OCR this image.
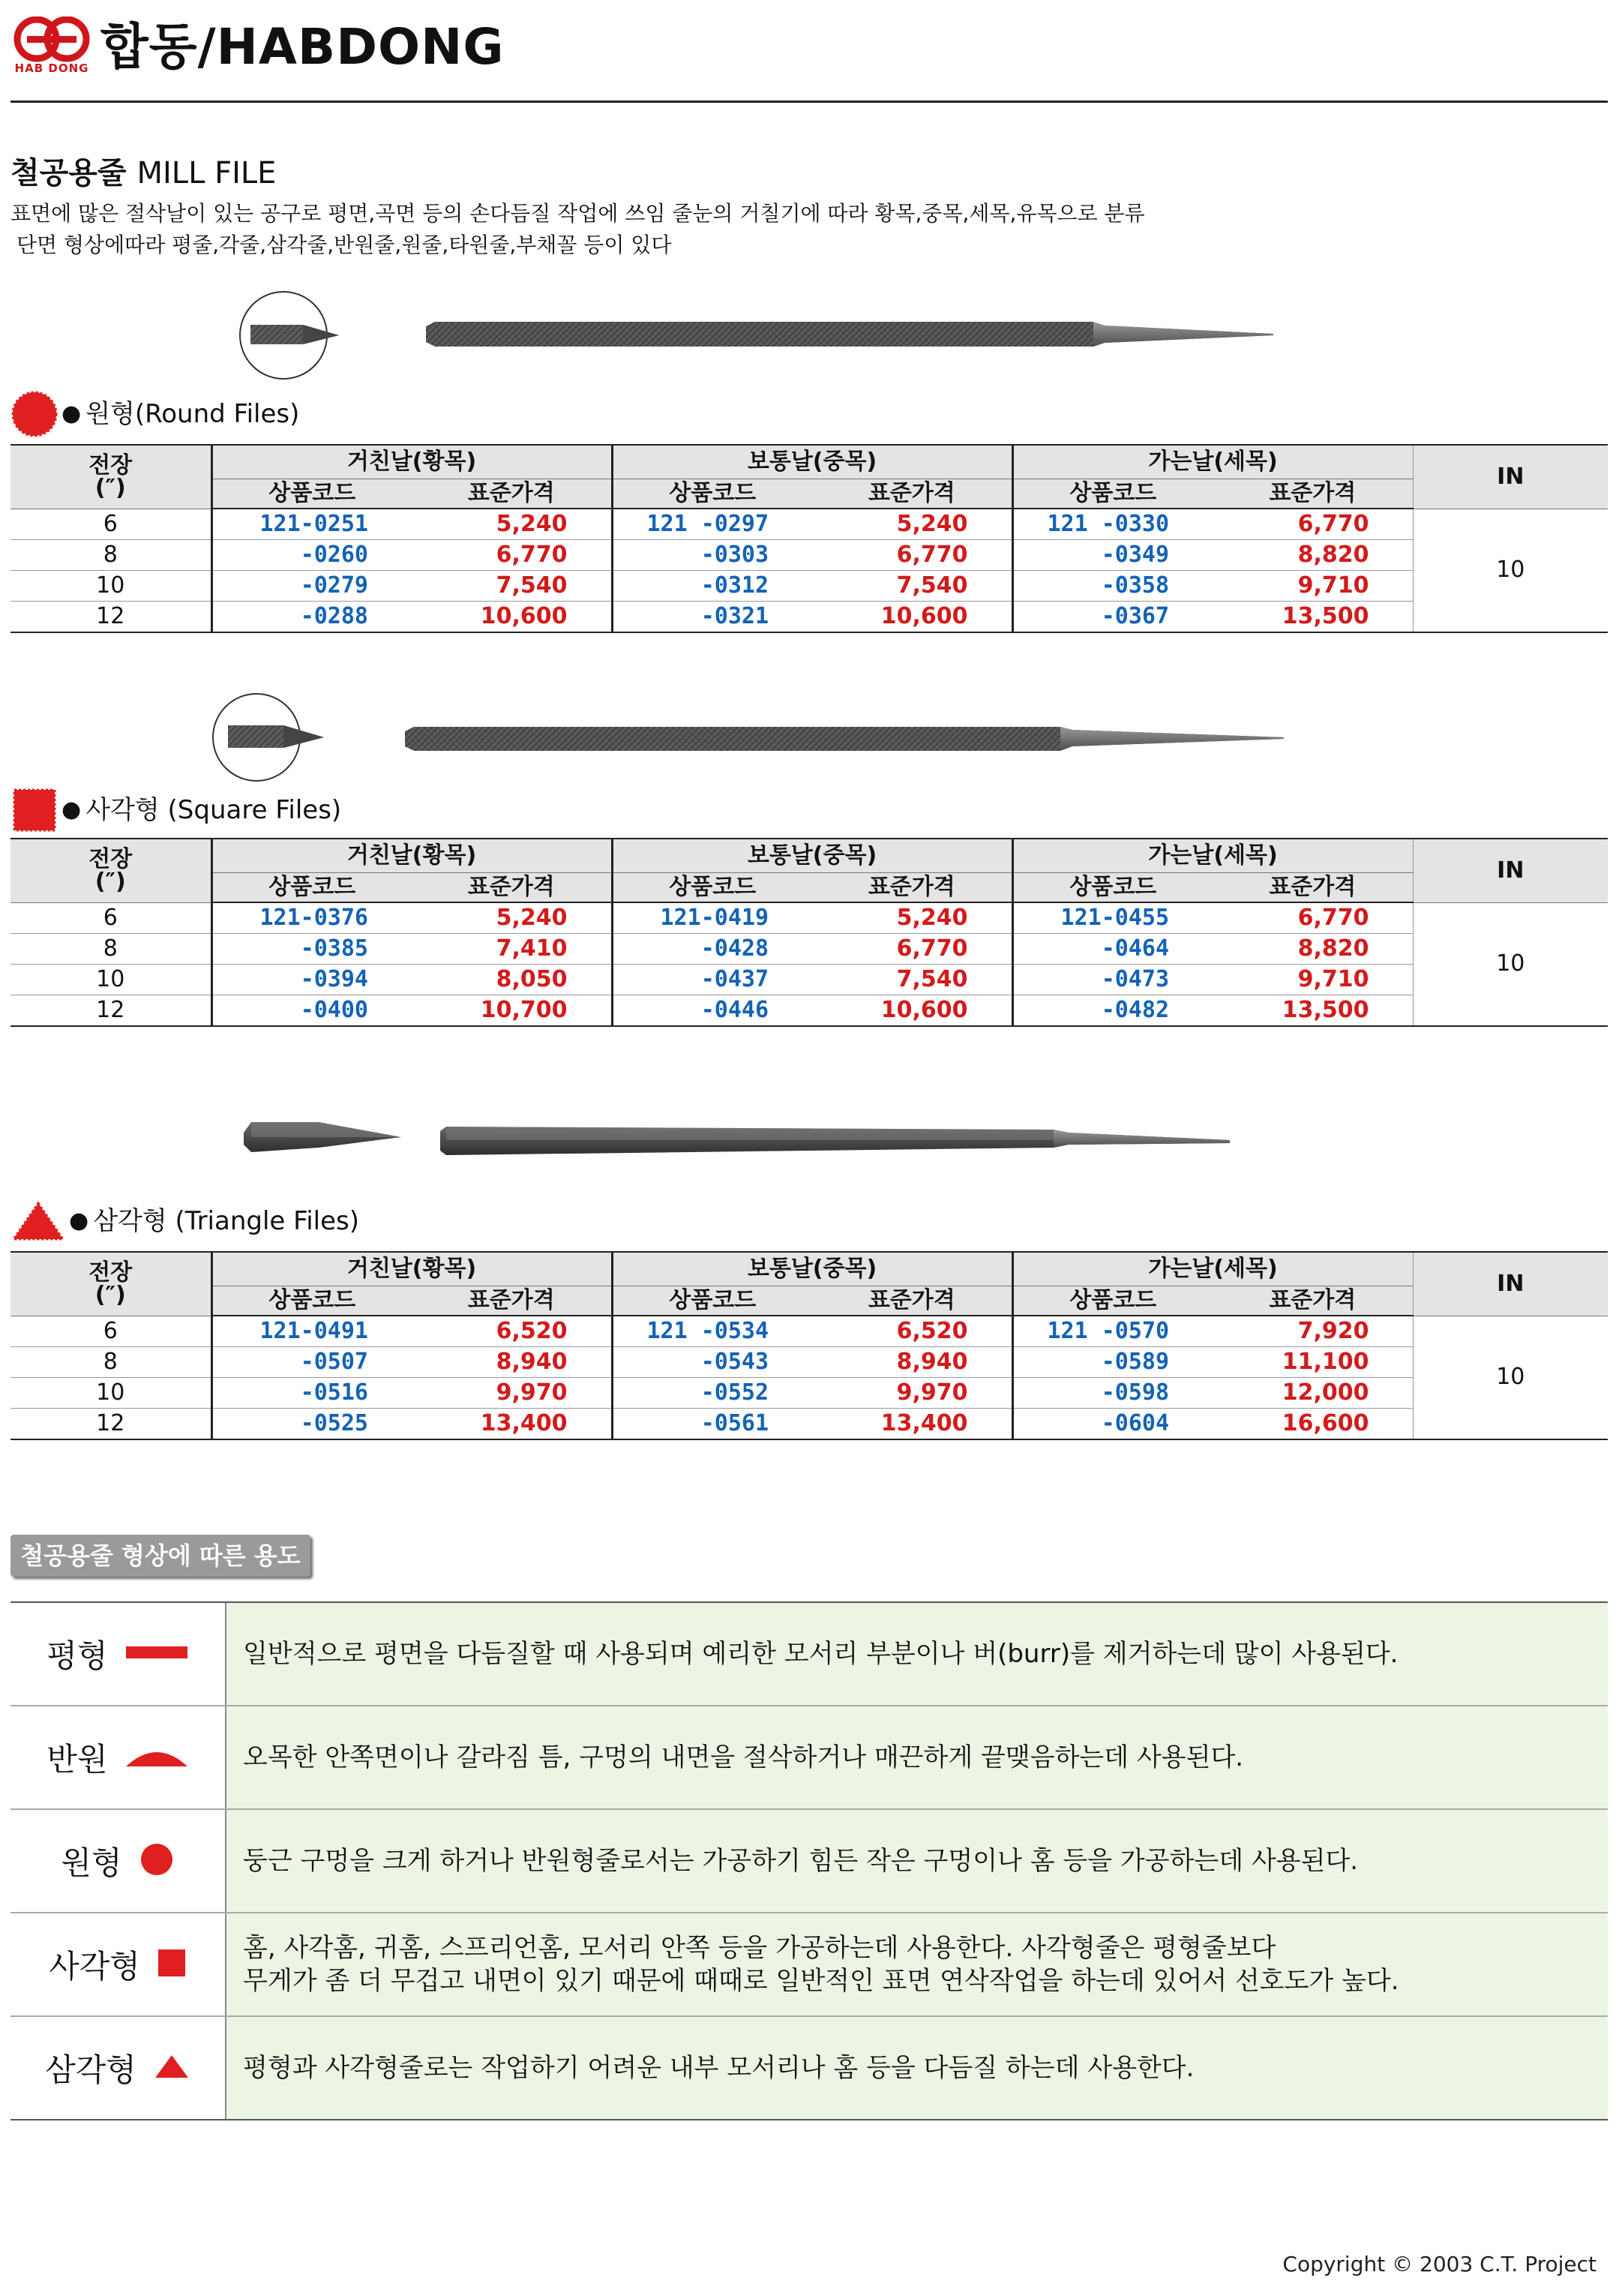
HAB DONG 합동/HABDONG
철공용줄 MILL FILE
표면에 많은 절삭날이 있는 공구로 평면,곡면 등의 손다듬질 작업에 쓰임 줄눈의 거칠기에 따라 황목,중목,세목,유목으로 분류
단면 형상에따라 평줄,각줄,삼각줄,반원줄,원줄,타원줄,부채꼴 등이 있다
● 원형(Round Files)
● 사각형 (Square Files)
● 삼각형 (Triangle Files)
전장
(″)	거친날(황목)		보통날(중목)		가는날(세목)		IN
	상품코드	표준가격	상품코드	표준가격	상품코드	표준가격	
6	121-0251	5,240	121 -0297	5,240	121 -0330	6,770	10
8	-0260	6,770	-0303	6,770	-0349	8,820	
10	-0279	7,540	-0312	7,540	-0358	9,710	
12	-0288	10,600	-0321	10,600	-0367	13,500	
전장
(″)	거친날(황목)		보통날(중목)		가는날(세목)		IN
	상품코드	표준가격	상품코드	표준가격	상품코드	표준가격	
6	121-0376	5,240	121-0419	5,240	121-0455	6,770	10
8	-0385	7,410	-0428	6,770	-0464	8,820	
10	-0394	8,050	-0437	7,540	-0473	9,710	
12	-0400	10,700	-0446	10,600	-0482	13,500	
전장
(″)	거친날(황목)		보통날(중목)		가는날(세목)		IN
	상품코드	표준가격	상품코드	표준가격	상품코드	표준가격	
6	121-0491	6,520	121 -0534	6,520	121 -0570	7,920	10
8	-0507	8,940	-0543	8,940	-0589	11,100	
10	-0516	9,970	-0552	9,970	-0598	12,000	
12	-0525	13,400	-0561	13,400	-0604	16,600	
철공용줄 형상에 따른 용도
평형	일반적으로 평면을 다듬질할 때 사용되며 예리한 모서리 부분이나 버(burr)를 제거하는데 많이 사용된다.
반원	오목한 안쪽면이나 갈라짐 틈, 구멍의 내면을 절삭하거나 매끈하게 끝맺음하는데 사용된다.
원형	둥근 구멍을 크게 하거나 반원형줄로서는 가공하기 힘든 작은 구멍이나 홈 등을 가공하는데 사용된다.
사각형	홈, 사각홈, 귀홈, 스프리언홈, 모서리 안쪽 등을 가공하는데 사용한다. 사각형줄은 평형줄보다
무게가 좀 더 무겁고 내면이 있기 때문에 때때로 일반적인 표면 연삭작업을 하는데 있어서 선호도가 높다.
삼각형	평형과 사각형줄로는 작업하기 어려운 내부 모서리나 홈 등을 다듬질 하는데 사용한다.
Copyright © 2003 C.T. Project
